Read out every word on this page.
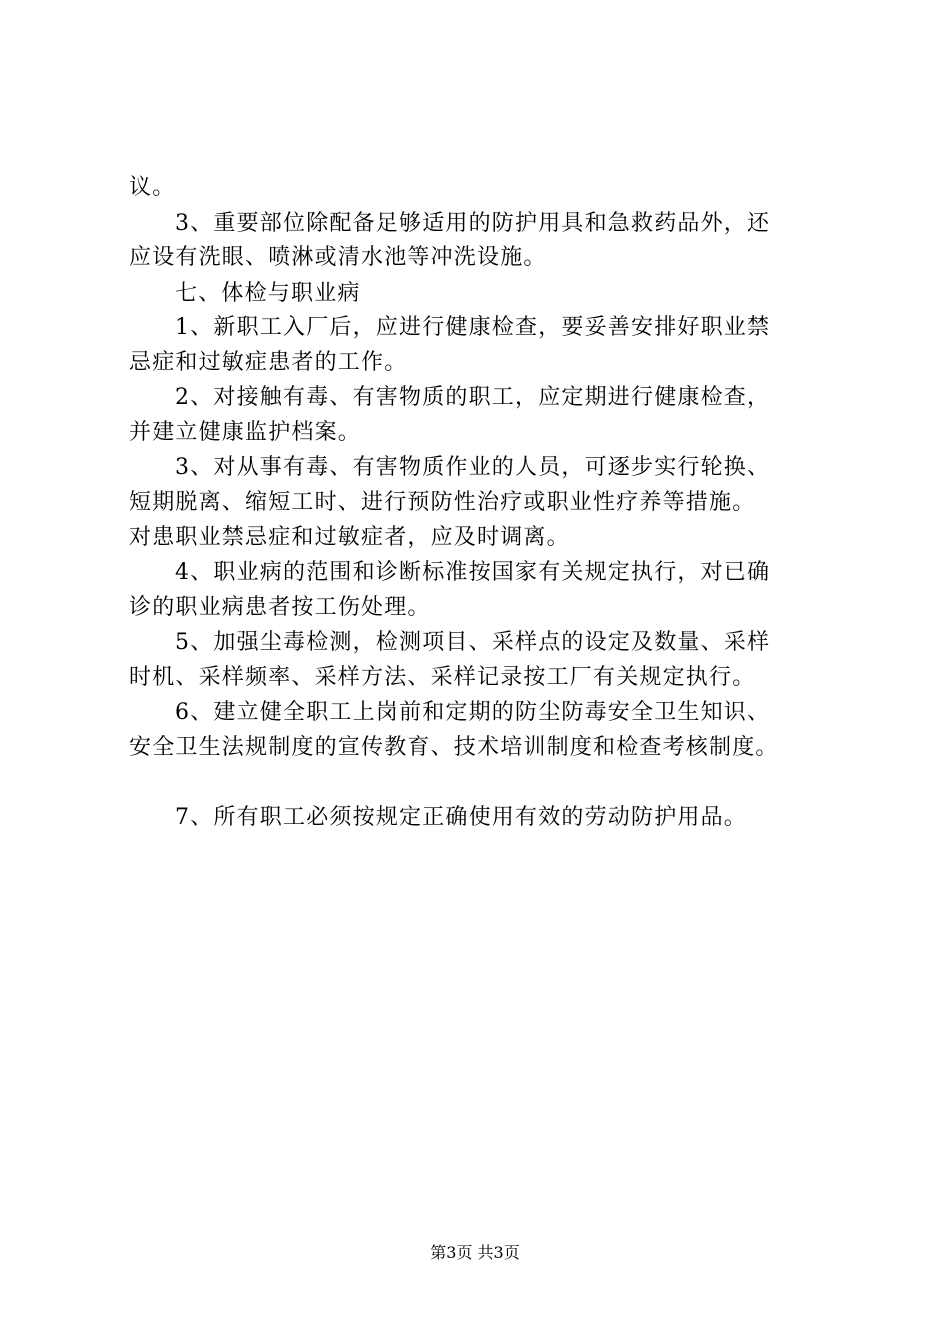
议。
3、重要部位除配备足够适用的防护用具和急救药品外，还
应设有洗眼、喷淋或清水池等冲洗设施。
七、体检与职业病
1、新职工入厂后，应进行健康检查，要妥善安排好职业禁
忌症和过敏症患者的工作。
2、对接触有毒、有害物质的职工，应定期进行健康检查，
并建立健康监护档案。
3、对从事有毒、有害物质作业的人员，可逐步实行轮换、
短期脱离、缩短工时、进行预防性治疗或职业性疗养等措施。
对患职业禁忌症和过敏症者，应及时调离。
4、职业病的范围和诊断标准按国家有关规定执行，对已确
诊的职业病患者按工伤处理。
5、加强尘毒检测，检测项目、采样点的设定及数量、采样
时机、采样频率、采样方法、采样记录按工厂有关规定执行。
6、建立健全职工上岗前和定期的防尘防毒安全卫生知识、
安全卫生法规制度的宣传教育、技术培训制度和检查考核制度。
7、所有职工必须按规定正确使用有效的劳动防护用品。
第3页 共3页
